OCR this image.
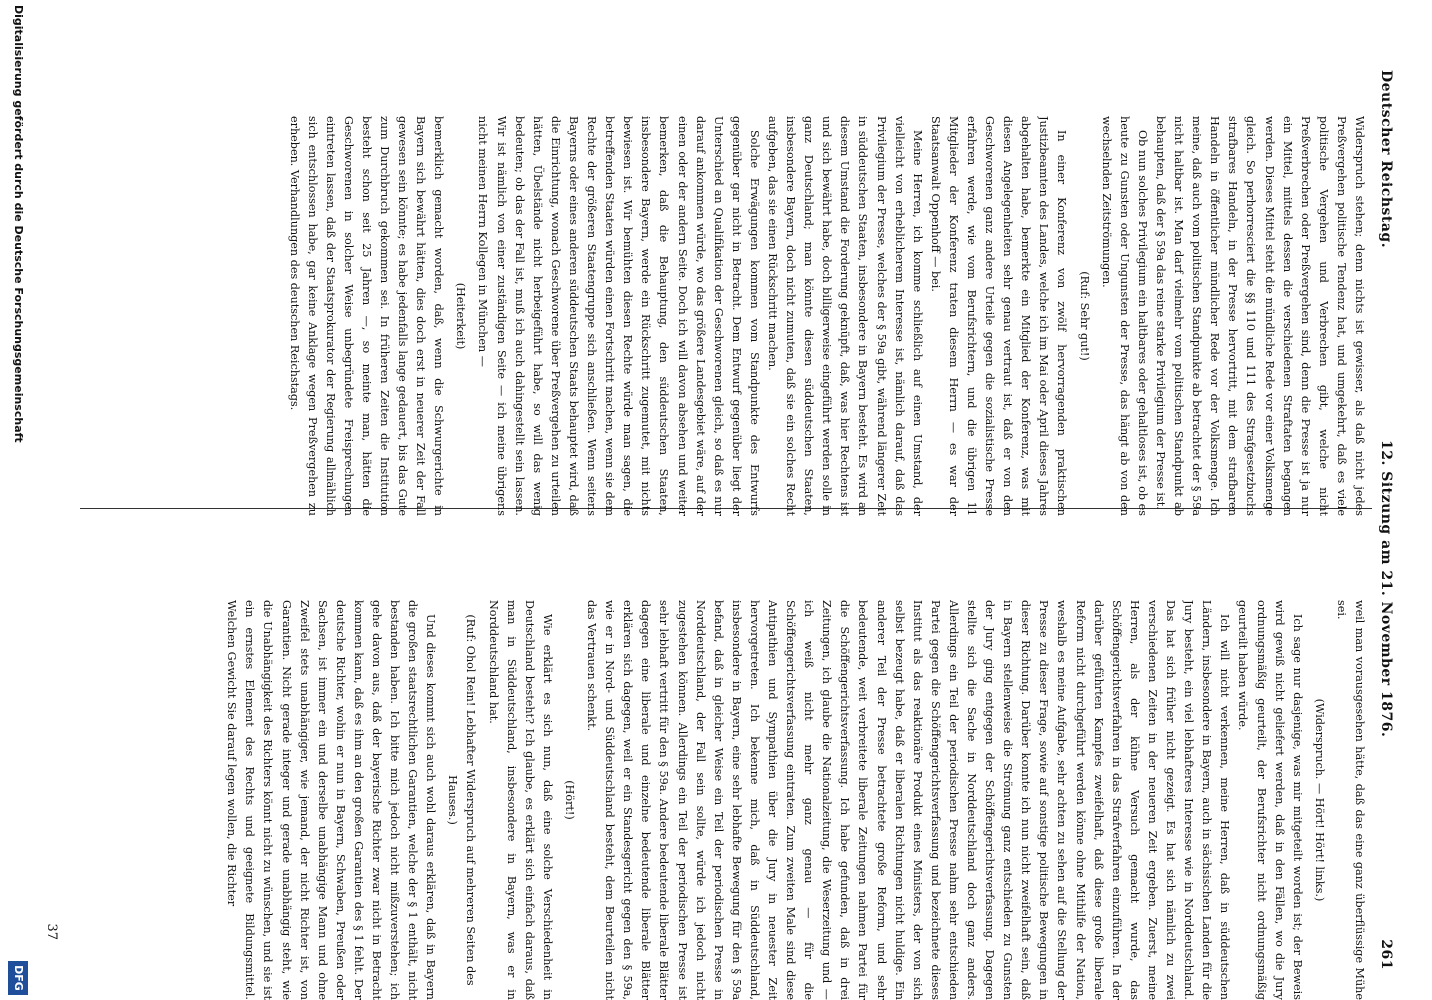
Deutscher Reichstag.
12. Sitzung am 21. November 1876.
261

Widerspruch stehen; denn nichts ist gewisser, als daß nicht jedes Preßvergehen politische Tendenz hat, und umgekehrt, daß es viele politische Vergehen und Verbrechen gibt, welche nicht Preßverbrechen oder Preßvergehen sind, denn die Presse ist ja nur ein Mittel, mittels dessen die verschiedenen Straftaten begangen werden. Dieses Mittel steht die mündliche Rede vor einer Volksmenge gleich. So perhorresciert die §§ 110 und 111 des Strafgesetzbuchs strafbares Handeln, in der Presse hervortritt, mit dem strafbaren Handeln in öffentlicher mündlicher Rede vor der Volksmenge. Ich meine, daß auch vom politischen Standpunkte ab betrachtet der § 59a nicht haltbar ist. Man darf vielmehr vom politischen Standpunkt ab behaupten, daß der § 59a das reine starke Privilegium der Presse ist.

Ob nun solches Privilegium ein haltbares oder gehaltloses ist, ob es heute zu Gunsten oder Ungunsten der Presse, das hängt ab von den wechselnden Zeitströmungen.

(Ruf: Sehr gut!)

In einer Konferenz von zwölf hervorragenden praktischen Justizbeamten des Landes, welche ich im Mai oder April dieses Jahres abgehalten habe, bemerkte ein Mitglied der Konferenz, was mit diesen Angelegenheiten sehr genau vertraut ist, daß er von den Geschworenen ganz andere Urteile gegen die sozialistische Presse erfahren werde, wie vom Berufsrichtern, und die übrigen 11 Mitglieder der Konferenz traten diesem Herrn — es war der Staatsanwalt Oppenhoff — bei.

Meine Herren, ich komme schließlich auf einen Umstand, der vielleicht von erheblicherem Interesse ist, nämlich darauf, daß das Privilegium der Presse, welches der § 59a gibt, während längerer Zeit in süddeutschen Staaten, insbesondere in Bayern besteht. Es wird an diesem Umstand die Forderung geknüpft, daß, was hier Rechtens ist und sich bewährt habe, doch billigerweise eingeführt werden solle in ganz Deutschland; man könnte diesen süddeutschen Staaten, insbesondere Bayern, doch nicht zumuten, daß sie ein solches Recht aufgeben, das sie einen Rückschritt machen.

Solche Erwägungen kommen vom Standpunkte des Entwurfs gegenüber gar nicht in Betracht. Dem Entwurf gegenüber liegt der Unterschied an Qualifikation der Geschworenen gleich, so daß es nur darauf ankommen würde, wo das größere Landesgebiet wäre, auf der einen oder der andern Seite. Doch ich will davon absehen und weiter bemerken, daß die Behauptung, den süddeutschen Staaten, insbesondere Bayern, werde ein Rückschritt zugemutet, mit nichts bewiesen ist. Wir bemühten diesen Rechte würde man sagen, die betreffenden Staaten würden einen Fortschritt machen, wenn sie dem Rechte der größeren Staatengruppe sich anschließen. Wenn seitens Bayerns oder eines anderen süddeutschen Staats behauptet wird, daß die Einrichtung, wonach Geschworene über Preßvergehen zu urteilen hätten, Übelstände nicht herbeigeführt habe, so will das wenig bedeuten; ob das der Fall ist, muß ich auch dahingestellt sein lassen. Wir ist nämlich von einer zuständigen Seite — ich meine übrigens nicht meinen Herrn Kollegen in München —

(Heiterkeit)

bemerklich gemacht worden, daß, wenn die Schwurgerichte in Bayern sich bewährt hätten, dies doch erst in neuerer Zeit der Fall gewesen sein könnte; es habe jedenfalls lange gedauert, bis das Gute zum Durchbruch gekommen sei. In früheren Zeiten die Institution besteht schon seit 25 Jahren —, so meinte man, hätten die Geschworenen in solcher Weise unbegründete Freisprechungen eintreten lassen, daß der Staatsprokurator der Regierung allmählich sich entschlossen habe, gar keine Anklage wegen Preßvergehen zu erheben. Verhandlungen des deutschen Reichstags.

weil man vorausgesehen hätte, daß das eine ganz überflüssige Mühe sei.

(Widerspruch. — Hört! Hört! links.)

Ich sage nur dasjenige, was mir mitgeteilt worden ist; der Beweis wird gewiß nicht geliefert werden, daß in den Fällen, wo die Jury ordnungsmäßig geurteilt, der Berufsrichter nicht ordnungsmäßig geurteilt haben würde.

Ich will nicht verkennen, meine Herren, daß in süddeutschen Ländern, insbesondere in Bayern, auch in sächsischen Landen für die Jury besteht, ein viel lebhafteres Interesse wie in Norddeutschland. Das hat sich früher nicht gezeigt. Es hat sich nämlich zu zwei verschiedenen Zeiten in der neueren Zeit ergeben. Zuerst, meine Herren, als der kühne Versuch gemacht wurde, das Schöffengerichtsverfahren in das Strafverfahren einzuführen. In der darüber geführten Kampfes zweifelhaft, daß diese große liberale Reform nicht durchgeführt werden könne ohne Mithilfe der Nation, weshalb es meine Aufgabe, sehr achten zu sehen auf die Stellung der Presse zu dieser Frage, sowie auf sonstige politische Bewegungen in dieser Richtung. Darüber konnte ich nun nicht zweifelhaft sein, daß in Bayern stellenweise die Strömung ganz entschieden zu Gunsten der Jury ging entgegen der Schöffengerichtsverfassung. Dagegen stellte sich die Sache in Norddeutschland doch ganz anders. Allerdings ein Teil der periodischen Presse nahm sehr entschieden Partei gegen die Schöffengerichtsverfassung und bezeichnete dieses Institut als das reaktionäre Produkt eines Ministers, der von sich selbst bezeugt habe, daß er liberalen Richtungen nicht huldige. Ein anderer Teil der Presse betrachtete große Reform, und sehr bedeutende, weit verbreitete liberale Zeitungen nahmen Partei für die Schöffengerichtsverfassung. Ich habe gefunden, daß in drei Zeitungen, ich glaube die Nationalzeitung, die Weserzeitung und — ich weiß nicht mehr ganz genau — für die Schöffengerichtsverfassung eintraten. Zum zweiten Male sind diese Antipathien und Sympathien über die Jury in neuester Zeit hervorgetreten. Ich bekenne mich, daß in Süddeutschland, insbesondere in Bayern, eine sehr lebhafte Bewegung für den § 59a befand, daß in gleicher Weise ein Teil der periodischen Presse in Norddeutschland, der Fall sein sollte, würde ich jedoch nicht zugestehen können. Allerdings ein Teil der periodischen Presse ist sehr lebhaft vertritt für den § 59a. Andere bedeutende liberale Blätter dagegen eine liberale und einzelne bedeutende liberale Blätter erklären sich dagegen, weil er ein Standesgericht gegen den § 59a, wie er in Nord- und Süddeutschland besteht, dem Beurteilen nicht das Vertrauen schenkt.

(Hört!)

Wie erklärt es sich nun, daß eine solche Verschiedenheit in Deutschland besteht? Ich glaube, es erklärt sich einfach daraus, daß man in Süddeutschland, insbesondere in Bayern, was er in Norddeutschland hat.

(Ruf: Ohol Rein! Lebhafter Widerspruch auf mehreren Seiten des Hauses.)

Und dieses kommt sich auch wohl daraus erklären, daß in Bayern die großen staatsrechtlichen Garantien, welche der § 1 enthält, nicht bestanden haben. Ich bitte mich jedoch nicht mißzuverstehen; ich gehe davon aus, daß der bayerische Richter zwar nicht in Betracht kommen kann, daß es ihm an den großen Garantien des § 1 fehlt. Der deutsche Richter, wohin er nun in Bayern, Schwaben, Preußen oder Sachsen, ist immer ein und derselbe unabhängige Mann und ohne Zweifel stets unabhängiger, wie jemand, der nicht Richter ist, von Garantien. Nicht gerade integer und gerade unabhängig steht, wie die Unabhängigkeit des Richters könnt nicht zu wünschen, und sie ist ein ernstes Element des Rechts und geeignete Bildungsmittel. Welchen Gewicht Sie darauf legen wollen, die Richter

37
Digitalisierung gefördert durch die Deutsche Forschungsgemeinschaft
DFG
